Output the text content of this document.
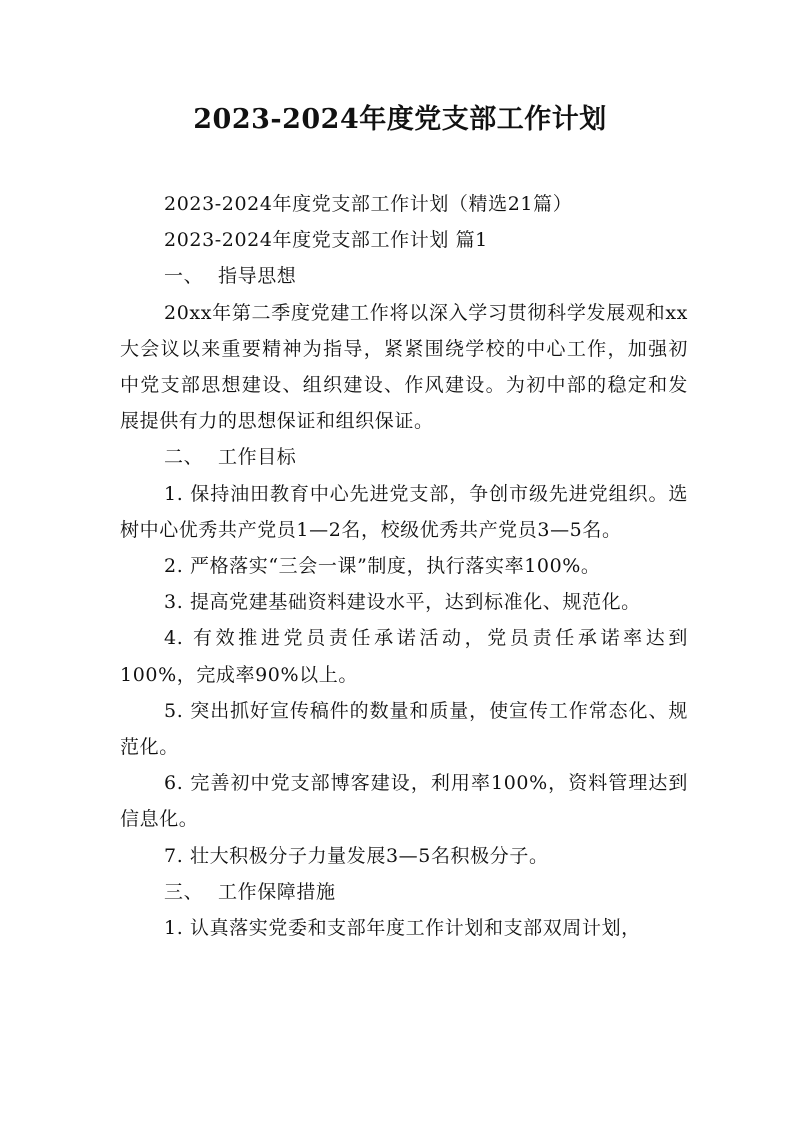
2023-2024年度党支部工作计划

2023-2024年度党支部工作计划（精选21篇）

2023-2024年度党支部工作计划 篇1

一、 指导思想

20xx年第二季度党建工作将以深入学习贯彻科学发展观和xx大会议以来重要精神为指导，紧紧围绕学校的中心工作，加强初中党支部思想建设、组织建设、作风建设。为初中部的稳定和发展提供有力的思想保证和组织保证。

二、 工作目标

1. 保持油田教育中心先进党支部，争创市级先进党组织。选树中心优秀共产党员1—2名，校级优秀共产党员3—5名。

2. 严格落实“三会一课”制度，执行落实率100%。

3. 提高党建基础资料建设水平，达到标准化、规范化。

4. 有效推进党员责任承诺活动，党员责任承诺率达到100%，完成率90%以上。

5. 突出抓好宣传稿件的数量和质量，使宣传工作常态化、规范化。

6. 完善初中党支部博客建设，利用率100%，资料管理达到信息化。

7. 壮大积极分子力量发展3—5名积极分子。

三、 工作保障措施

1. 认真落实党委和支部年度工作计划和支部双周计划，
